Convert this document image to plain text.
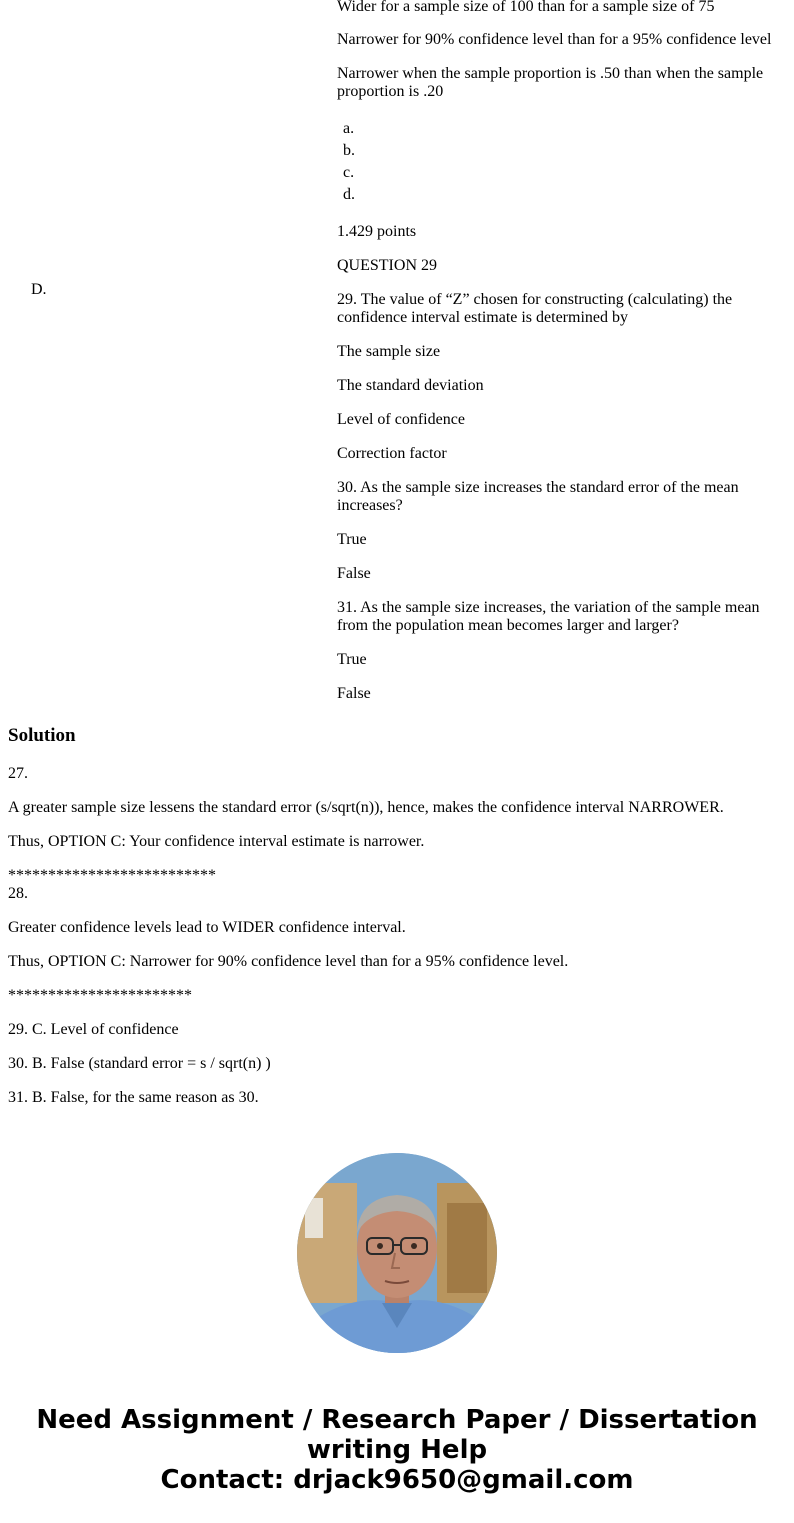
D.

Wider for a sample size of 100 than for a sample size of 75

Narrower for 90% confidence level than for a 95% confidence level

Narrower when the sample proportion is .50 than when the sample proportion is .20

a.
b.
c.
d.

1.429 points

QUESTION 29

29. The value of “Z” chosen for constructing (calculating) the confidence interval estimate is determined by

The sample size

The standard deviation

Level of confidence

Correction factor

30. As the sample size increases the standard error of the mean increases?

True

False

31. As the sample size increases, the variation of the sample mean from the population mean becomes larger and larger?

True

False

Solution

27.

A greater sample size lessens the standard error (s/sqrt(n)), hence, makes the confidence interval NARROWER.

Thus, OPTION C: Your confidence interval estimate is narrower.

**************************

28.

Greater confidence levels lead to WIDER confidence interval.

Thus, OPTION C: Narrower for 90% confidence level than for a 95% confidence level.

***********************

29. C. Level of confidence

30. B. False (standard error = s / sqrt(n) )

31. B. False, for the same reason as 30.

Need Assignment / Research Paper / Dissertation
writing Help
Contact: drjack9650@gmail.com
